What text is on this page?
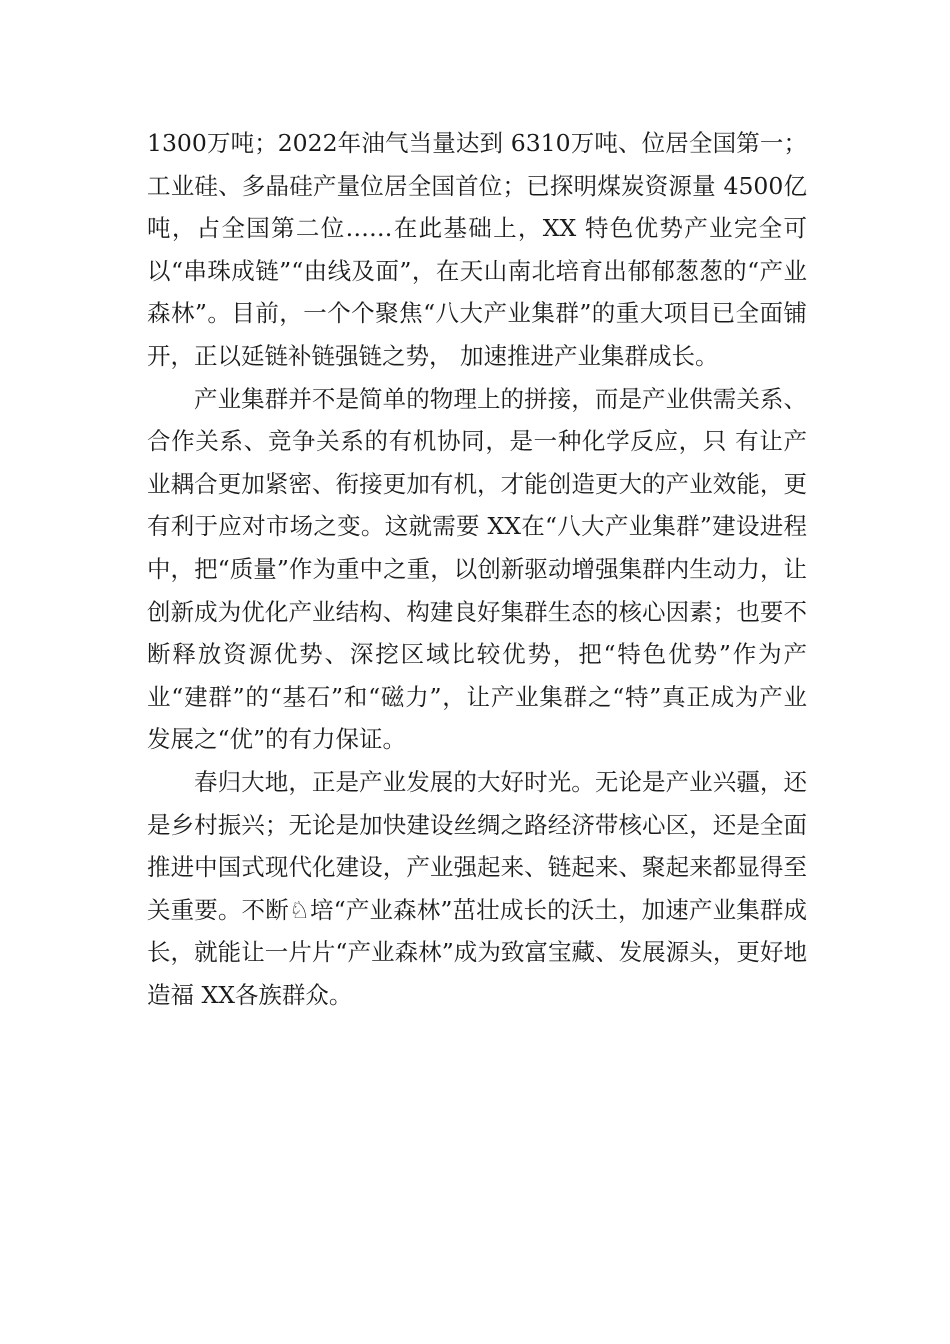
1300万吨；2022年油气当量达到 6310万吨、位居全国第一；工业硅、多晶硅产量位居全国首位；已探明煤炭资源量 4500亿吨，占全国第二位……在此基础上，XX 特色优势产业完全可以“串珠成链”“由线及面”，在天山南北培育出郁郁葱葱的“产业森林”。目前，一个个聚焦“八大产业集群”的重大项目已全面铺开，正以延链补链强链之势， 加速推进产业集群成长。

产业集群并不是简单的物理上的拼接，而是产业供需关系、合作关系、竞争关系的有机协同，是一种化学反应，只 有让产业耦合更加紧密、衔接更加有机，才能创造更大的产业效能，更有利于应对市场之变。这就需要 XX在“八大产业集群”建设进程中，把“质量”作为重中之重，以创新驱动增强集群内生动力，让创新成为优化产业结构、构建良好集群生态的核心因素；也要不断释放资源优势、深挖区域比较优势，把“特色优势”作为产业“建群”的“基石”和“磁力”，让产业集群之“特”真正成为产业发展之“优”的有力保证。

春归大地，正是产业发展的大好时光。无论是产业兴疆，还是乡村振兴；无论是加快建设丝绸之路经济带核心区，还是全面推进中国式现代化建设，产业强起来、链起来、聚起来都显得至关重要。不断♘培“产业森林”茁壮成长的沃土，加速产业集群成长，就能让一片片“产业森林”成为致富宝藏、发展源头，更好地造福 XX各族群众。
